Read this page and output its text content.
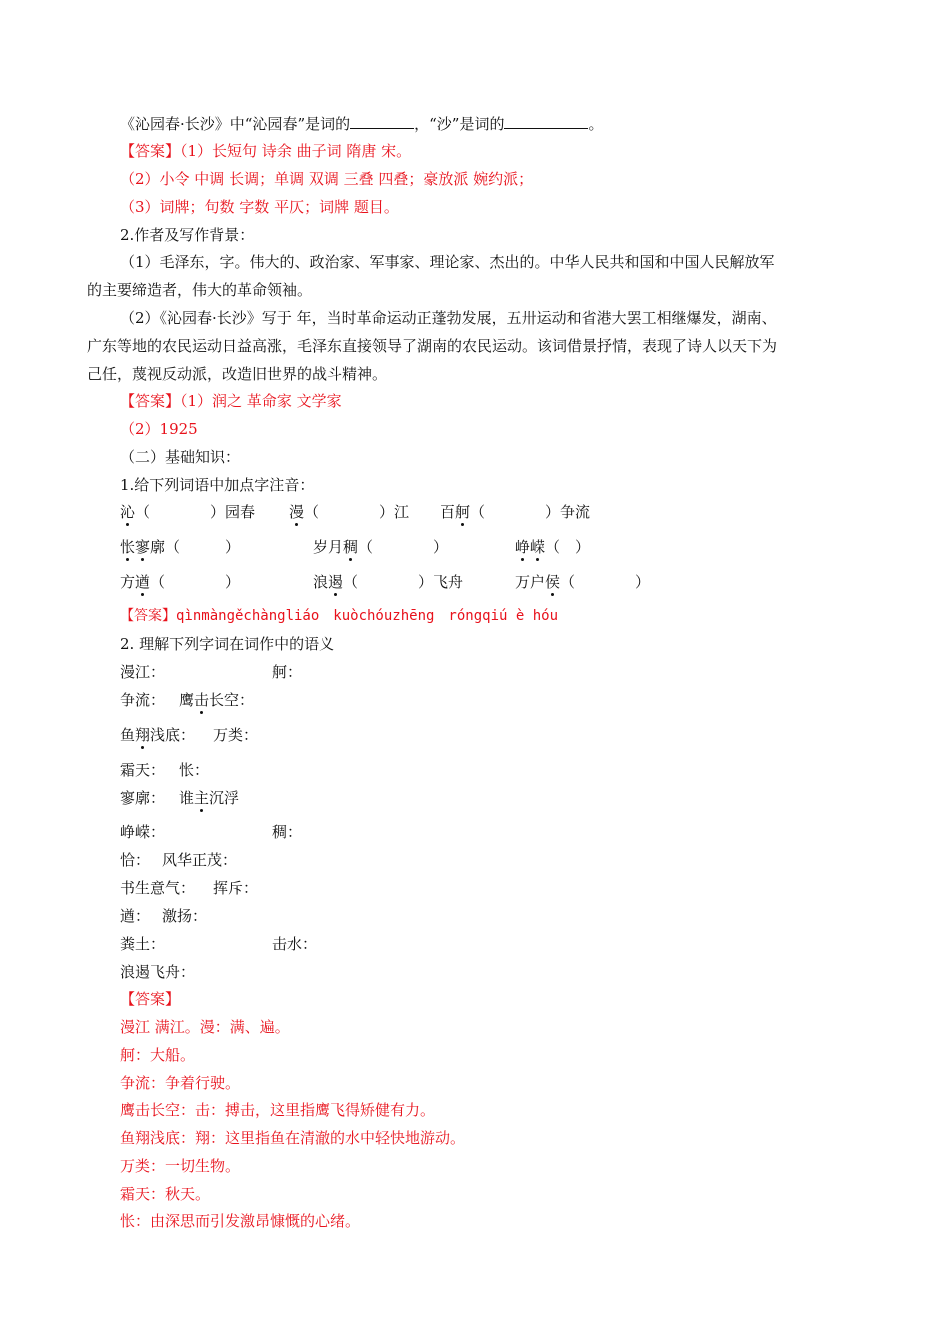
《沁园春·长沙》中“沁园春”是词的	，“沙”是词的	。
【答案】（1）长短句 诗余 曲子词 隋唐 宋。
（2）小令 中调 长调；单调 双调 三叠 四叠；豪放派 婉约派；
（3）词牌；句数 字数 平仄；词牌 题目。
2.作者及写作背景：
（1）毛泽东，字。伟大的、政治家、军事家、理论家、杰出的。中华人民共和国和中国人民解放军
的主要缔造者，伟大的革命领袖。
（2）《沁园春·长沙》写于 年，当时革命运动正蓬勃发展，五卅运动和省港大罢工相继爆发，湖南、
广东等地的农民运动日益高涨，毛泽东直接领导了湖南的农民运动。该词借景抒情，表现了诗人以天下为
己任，蔑视反动派，改造旧世界的战斗精神。
【答案】（1）润之 革命家 文学家
（2）1925
（二）基础知识：
1.给下列词语中加点字注音：
沁（　　　　）园春 漫（　　　　）江 百舸（　　　　）争流
怅寥廓（　　　）	岁月稠（　　　　）	峥嵘（　）
方遒（　　　　）	浪遏（　　　　）飞舟	万户侯（　　　　）
【答案】qìnmàngěchàngliáo　kuòchóuzhēng　róngqiú è hóu
2. 理解下列字词在词作中的语义
漫江：	舸：
争流： 鹰击长空：
鱼翔浅底： 万类：
霜天： 怅：
寥廓： 谁主沉浮
峥嵘：	稠：
恰： 风华正茂：
书生意气： 挥斥：
遒： 激扬：
粪土：	击水：
浪遏飞舟：
【答案】
漫江 满江。漫：满、遍。
舸：大船。
争流：争着行驶。
鹰击长空：击：搏击，这里指鹰飞得矫健有力。
鱼翔浅底：翔：这里指鱼在清澈的水中轻快地游动。
万类：一切生物。
霜天：秋天。
怅：由深思而引发激昂慷慨的心绪。
